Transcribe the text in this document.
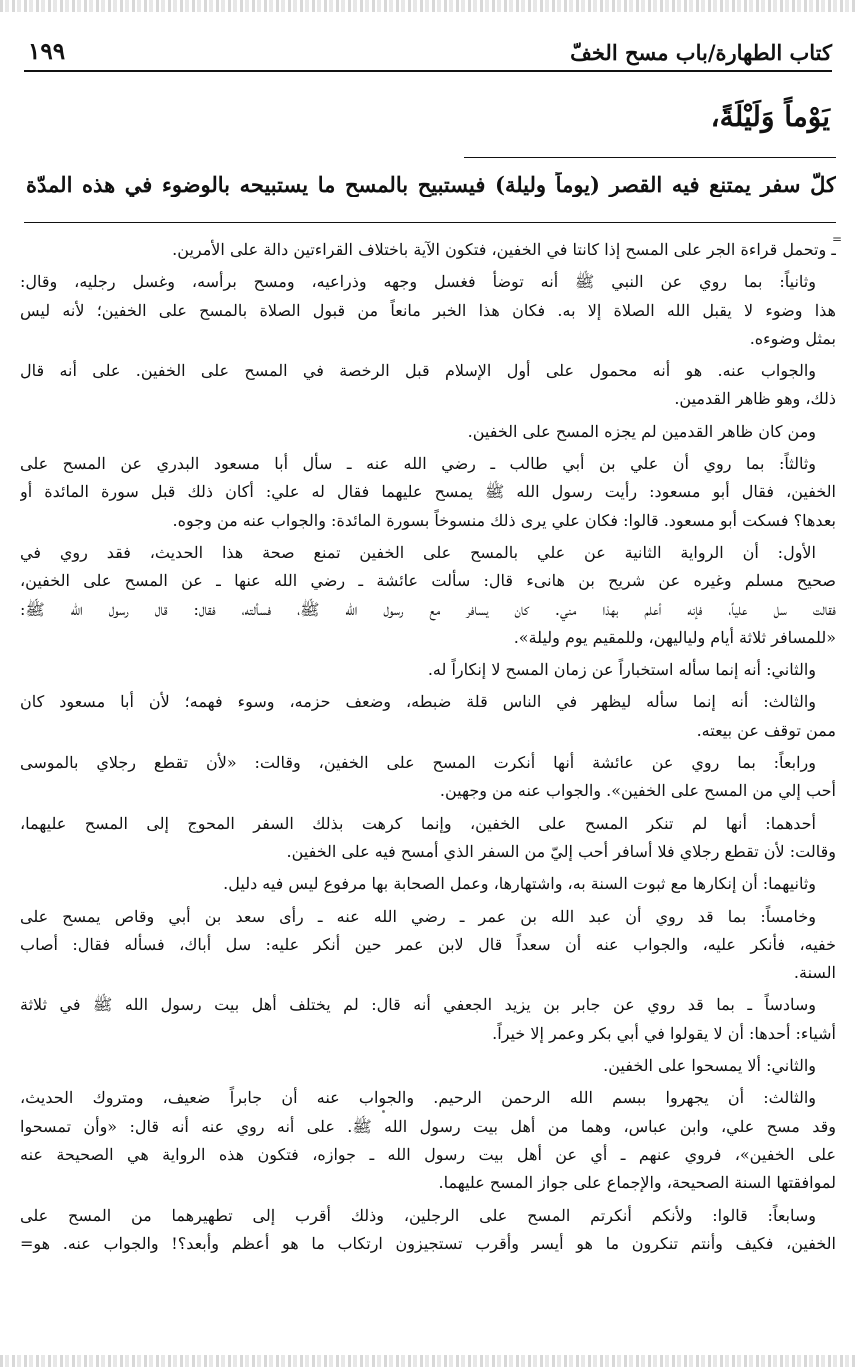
كتاب الطهارة/باب مسح الخفّ
١٩٩
يَوْماً وَلَيْلَةً،
كلّ سفر يمتنع فيه القصر (يوماً وليلة) فيستبيح بالمسح ما يستبيحه بالوضوء في هذه المدّة
=
ـ وتحمل قراءة الجر على المسح إذا كانتا في الخفين، فتكون الآية باختلاف القراءتين دالة على الأمرين.
وثانياً: بما روي عن النبي ﷺ أنه توضأ فغسل وجهه وذراعيه، ومسح برأسه، وغسل رجليه، وقال:
هذا وضوء لا يقبل الله الصلاة إلا به. فكان هذا الخبر مانعاً من قبول الصلاة بالمسح على الخفين؛ لأنه ليس
بمثل وضوءه.
والجواب عنه. هو أنه محمول على أول الإسلام قبل الرخصة في المسح على الخفين. على أنه قال
ذلك، وهو ظاهر القدمين.
ومن كان ظاهر القدمين لم يجزه المسح على الخفين.
وثالثاً: بما روي أن علي بن أبي طالب ـ رضي الله عنه ـ سأل أبا مسعود البدري عن المسح على
الخفين، فقال أبو مسعود: رأيت رسول الله ﷺ يمسح عليهما فقال له علي: أكان ذلك قبل سورة المائدة أو
بعدها؟ فسكت أبو مسعود. قالوا: فكان علي يرى ذلك منسوخاً بسورة المائدة: والجواب عنه من وجوه.
الأول: أن الرواية الثانية عن علي بالمسح على الخفين تمنع صحة هذا الحديث، فقد روي في
صحيح مسلم وغيره عن شريح بن هانىء قال: سألت عائشة ـ رضي الله عنها ـ عن المسح على الخفين،
فقالت سل علياً، فإنه أعلم بهذا مني. كان يسافر مع رسول الله ﷺ، فسألته، فقال: قال رسول الله ﷺ:
«للمسافر ثلاثة أيام ولياليهن، وللمقيم يوم وليلة».
والثاني: أنه إنما سأله استخباراً عن زمان المسح لا إنكاراً له.
والثالث: أنه إنما سأله ليظهر في الناس قلة ضبطه، وضعف حزمه، وسوء فهمه؛ لأن أبا مسعود كان
ممن توقف عن بيعته.
ورابعاً: بما روي عن عائشة أنها أنكرت المسح على الخفين، وقالت: «لأن تقطع رجلاي بالموسى
أحب إلي من المسح على الخفين». والجواب عنه من وجهين.
أحدهما: أنها لم تنكر المسح على الخفين، وإنما كرهت بذلك السفر المحوج إلى المسح عليهما،
وقالت: لأن تقطع رجلاي فلا أسافر أحب إليّ من السفر الذي أمسح فيه على الخفين.
وثانيهما: أن إنكارها مع ثبوت السنة به، واشتهارها، وعمل الصحابة بها مرفوع ليس فيه دليل.
وخامساً: بما قد روي أن عبد الله بن عمر ـ رضي الله عنه ـ رأى سعد بن أبي وقاص يمسح على
خفيه، فأنكر عليه، والجواب عنه أن سعداً قال لابن عمر حين أنكر عليه: سل أباك، فسأله فقال: أصاب
السنة.
وسادساً ـ بما قد روي عن جابر بن يزيد الجعفي أنه قال: لم يختلف أهل بيت رسول الله ﷺ في ثلاثة
أشياء: أحدها: أن لا يقولوا في أبي بكر وعمر إلا خيراً.
والثاني: ألا يمسحوا على الخفين.
والثالث: أن يجهروا ببسم الله الرحمن الرحيم. والجواب عنه أن جابراً ضعيف، ومتروك الحديث،
وقد مسح علي، وابن عباس، وهما من أهل بيت رسول الله ﷺ. على أنه روي عنه أنه قال: «وأن تمسحوا
على الخفين»، فروي عنهم ـ أي عن أهل بيت رسول الله ـ جوازه، فتكون هذه الرواية هي الصحيحة عنه
لموافقتها السنة الصحيحة، والإجماع على جواز المسح عليهما.
وسابعاً: قالوا: ولأنكم أنكرتم المسح على الرجلين، وذلك أقرب إلى تطهيرهما من المسح على
الخفين، فكيف وأنتم تنكرون ما هو أيسر وأقرب تستجيزون ارتكاب ما هو أعظم وأبعد؟! والجواب عنه. هو=
